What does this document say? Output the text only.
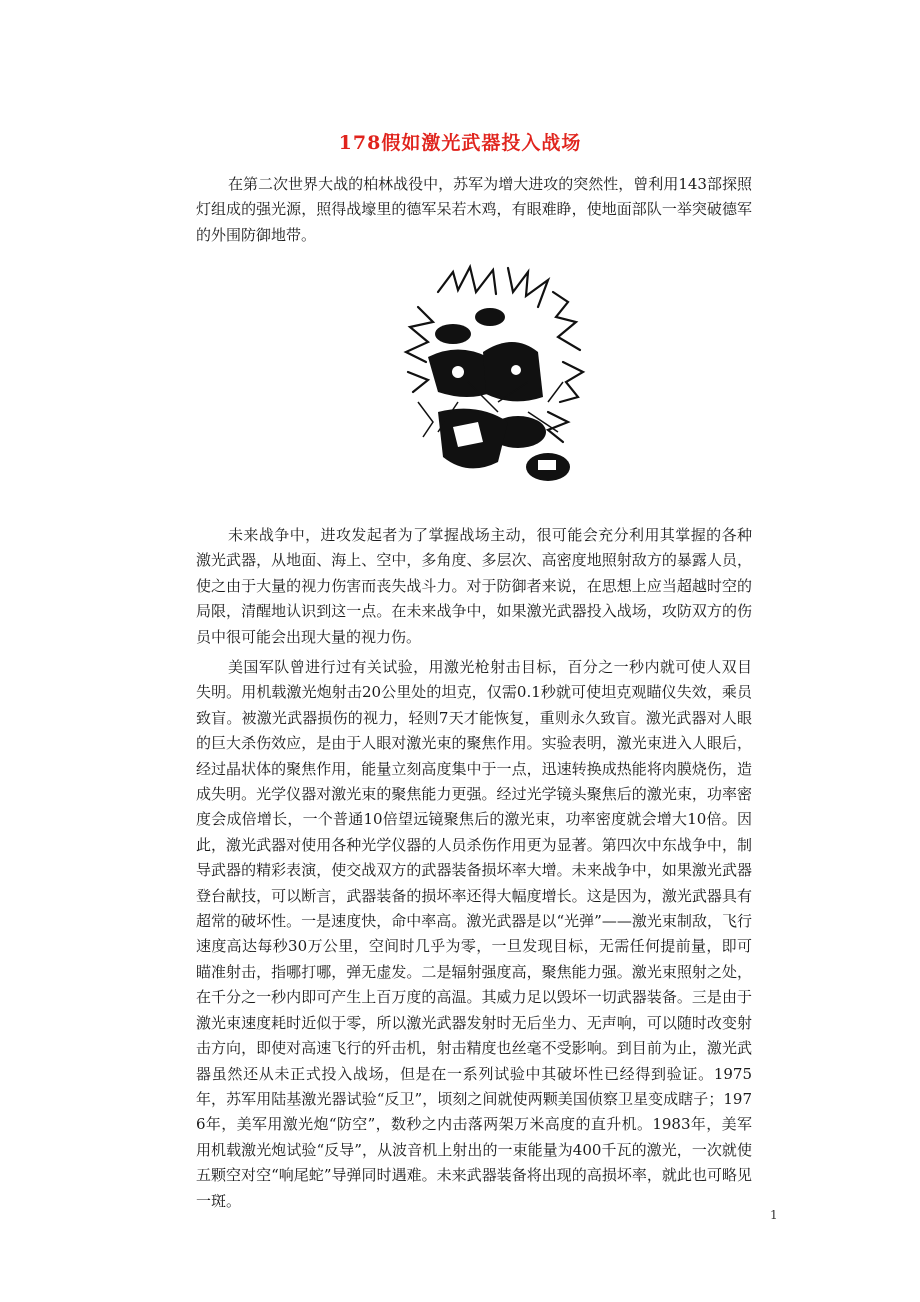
178假如激光武器投入战场

在第二次世界大战的柏林战役中，苏军为增大进攻的突然性，曾利用143部探照灯组成的强光源，照得战壕里的德军呆若木鸡，有眼难睁，使地面部队一举突破德军的外围防御地带。

未来战争中，进攻发起者为了掌握战场主动，很可能会充分利用其掌握的各种激光武器，从地面、海上、空中，多角度、多层次、高密度地照射敌方的暴露人员，使之由于大量的视力伤害而丧失战斗力。对于防御者来说，在思想上应当超越时空的局限，清醒地认识到这一点。在未来战争中，如果激光武器投入战场，攻防双方的伤员中很可能会出现大量的视力伤。

美国军队曾进行过有关试验，用激光枪射击目标，百分之一秒内就可使人双目失明。用机载激光炮射击20公里处的坦克，仅需0.1秒就可使坦克观瞄仪失效，乘员致盲。被激光武器损伤的视力，轻则7天才能恢复，重则永久致盲。激光武器对人眼的巨大杀伤效应，是由于人眼对激光束的聚焦作用。实验表明，激光束进入人眼后，经过晶状体的聚焦作用，能量立刻高度集中于一点，迅速转换成热能将肉膜烧伤，造成失明。光学仪器对激光束的聚焦能力更强。经过光学镜头聚焦后的激光束，功率密度会成倍增长，一个普通10倍望远镜聚焦后的激光束，功率密度就会增大10倍。因此，激光武器对使用各种光学仪器的人员杀伤作用更为显著。第四次中东战争中，制导武器的精彩表演，使交战双方的武器装备损坏率大增。未来战争中，如果激光武器登台献技，可以断言，武器装备的损坏率还得大幅度增长。这是因为，激光武器具有超常的破坏性。一是速度快，命中率高。激光武器是以“光弹”——激光束制敌，飞行速度高达每秒30万公里，空间时几乎为零，一旦发现目标，无需任何提前量，即可瞄准射击，指哪打哪，弹无虚发。二是辐射强度高，聚焦能力强。激光束照射之处，在千分之一秒内即可产生上百万度的高温。其威力足以毁坏一切武器装备。三是由于激光束速度耗时近似于零，所以激光武器发射时无后坐力、无声响，可以随时改变射击方向，即使对高速飞行的歼击机，射击精度也丝毫不受影响。到目前为止，激光武器虽然还从未正式投入战场，但是在一系列试验中其破坏性已经得到验证。1975年，苏军用陆基激光器试验“反卫”，顷刻之间就使两颗美国侦察卫星变成瞎子；1976年，美军用激光炮“防空”，数秒之内击落两架万米高度的直升机。1983年，美军用机载激光炮试验“反导”，从波音机上射出的一束能量为400千瓦的激光，一次就使五颗空对空“响尾蛇”导弹同时遇难。未来武器装备将出现的高损坏率，就此也可略见一斑。

1
